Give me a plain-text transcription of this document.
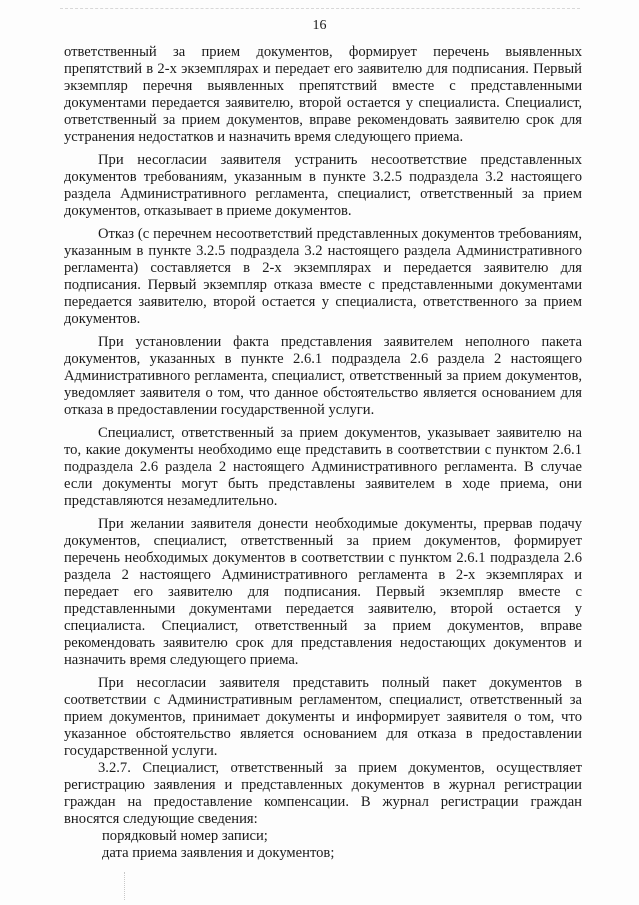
16

ответственный за прием документов, формирует перечень выявленных препятствий в 2-х экземплярах и передает его заявителю для подписания. Первый экземпляр перечня выявленных препятствий вместе с представленными документами передается заявителю, второй остается у специалиста. Специалист, ответственный за прием документов, вправе рекомендовать заявителю срок для устранения недостатков и назначить время следующего приема.

При несогласии заявителя устранить несоответствие представленных документов требованиям, указанным в пункте 3.2.5 подраздела 3.2 настоящего раздела Административного регламента, специалист, ответственный за прием документов, отказывает в приеме документов.

Отказ (с перечнем несоответствий представленных документов требованиям, указанным в пункте 3.2.5 подраздела 3.2 настоящего раздела Административного регламента) составляется в 2-х экземплярах и передается заявителю для подписания. Первый экземпляр отказа вместе с представленными документами передается заявителю, второй остается у специалиста, ответственного за прием документов.

При установлении факта представления заявителем неполного пакета документов, указанных в пункте 2.6.1 подраздела 2.6 раздела 2 настоящего Административного регламента, специалист, ответственный за прием документов, уведомляет заявителя о том, что данное обстоятельство является основанием для отказа в предоставлении государственной услуги.

Специалист, ответственный за прием документов, указывает заявителю на то, какие документы необходимо еще представить в соответствии с пунктом 2.6.1 подраздела 2.6 раздела 2 настоящего Административного регламента. В случае если документы могут быть представлены заявителем в ходе приема, они представляются незамедлительно.

При желании заявителя донести необходимые документы, прервав подачу документов, специалист, ответственный за прием документов, формирует перечень необходимых документов в соответствии с пунктом 2.6.1 подраздела 2.6 раздела 2 настоящего Административного регламента в 2-х экземплярах и передает его заявителю для подписания. Первый экземпляр вместе с представленными документами передается заявителю, второй остается у специалиста. Специалист, ответственный за прием документов, вправе рекомендовать заявителю срок для представления недостающих документов и назначить время следующего приема.

При несогласии заявителя представить полный пакет документов в соответствии с Административным регламентом, специалист, ответственный за прием документов, принимает документы и информирует заявителя о том, что указанное обстоятельство является основанием для отказа в предоставлении государственной услуги.

3.2.7. Специалист, ответственный за прием документов, осуществляет регистрацию заявления и представленных документов в журнал регистрации граждан на предоставление компенсации. В журнал регистрации граждан вносятся следующие сведения:

порядковый номер записи;

дата приема заявления и документов;
